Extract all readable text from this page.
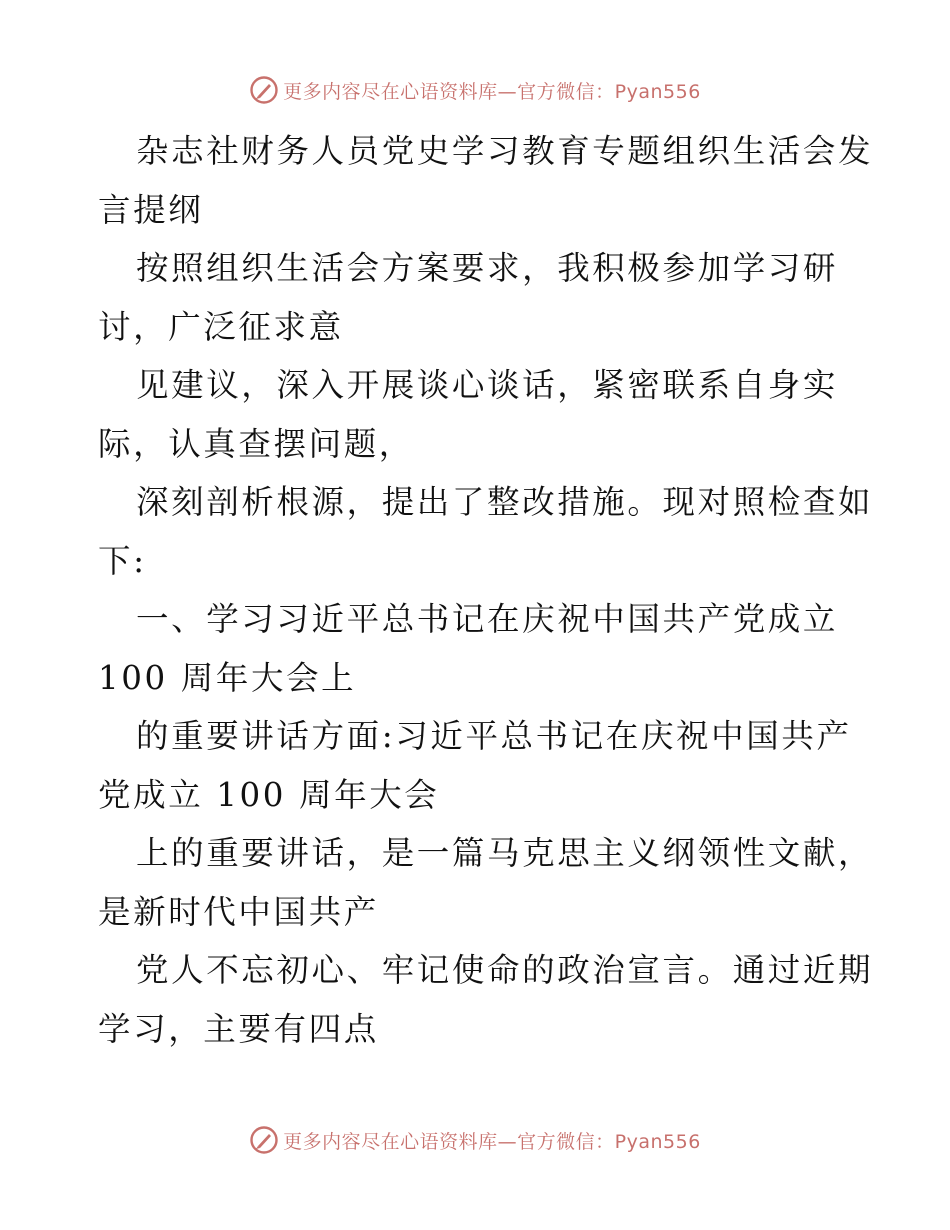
更多内容尽在心语资料库—官方微信：Pyan556
杂志社财务人员党史学习教育专题组织生活会发
言提纲
按照组织生活会方案要求，我积极参加学习研
讨，广泛征求意
见建议，深入开展谈心谈话，紧密联系自身实
际，认真查摆问题，
深刻剖析根源，提出了整改措施。现对照检查如
下:
一、学习习近平总书记在庆祝中国共产党成立
100 周年大会上
的重要讲话方面:习近平总书记在庆祝中国共产
党成立 100 周年大会
上的重要讲话，是一篇马克思主义纲领性文献，
是新时代中国共产
党人不忘初心、牢记使命的政治宣言。通过近期
学习，主要有四点
更多内容尽在心语资料库—官方微信：Pyan556
